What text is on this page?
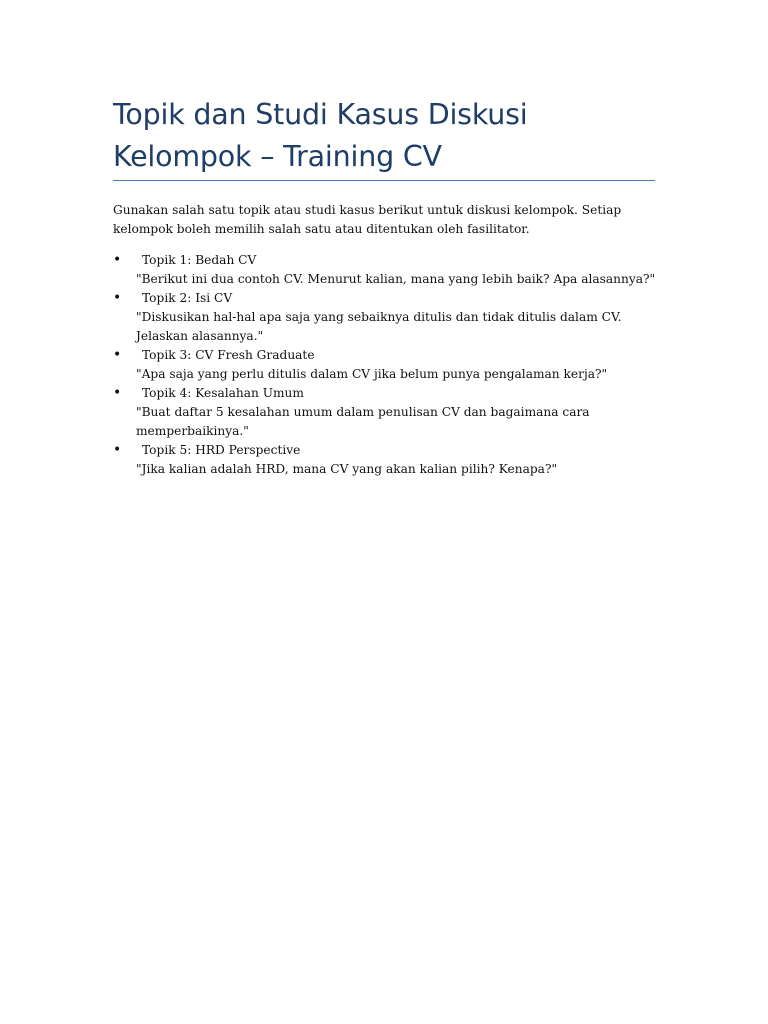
Topik dan Studi Kasus Diskusi Kelompok – Training CV

Gunakan salah satu topik atau studi kasus berikut untuk diskusi kelompok. Setiap kelompok boleh memilih salah satu atau ditentukan oleh fasilitator.

•	Topik 1: Bedah CV
"Berikut ini dua contoh CV. Menurut kalian, mana yang lebih baik? Apa alasannya?"
•	Topik 2: Isi CV
"Diskusikan hal-hal apa saja yang sebaiknya ditulis dan tidak ditulis dalam CV. Jelaskan alasannya."
•	Topik 3: CV Fresh Graduate
"Apa saja yang perlu ditulis dalam CV jika belum punya pengalaman kerja?"
•	Topik 4: Kesalahan Umum
"Buat daftar 5 kesalahan umum dalam penulisan CV dan bagaimana cara memperbaikinya."
•	Topik 5: HRD Perspective
"Jika kalian adalah HRD, mana CV yang akan kalian pilih? Kenapa?"
